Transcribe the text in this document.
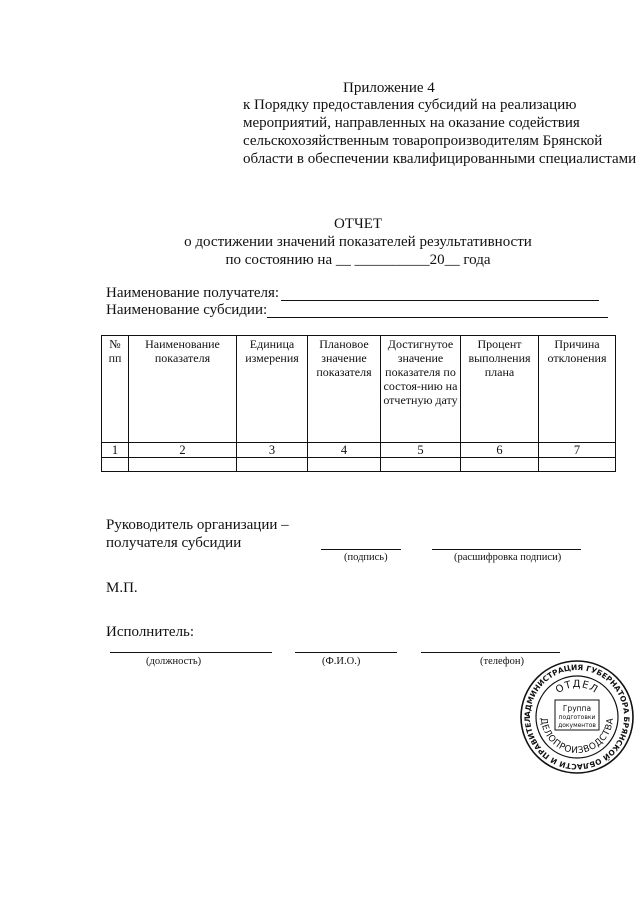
Приложение 4
к Порядку предоставления субсидий на реализацию мероприятий, направленных на оказание содействия сельскохозяйственным товаропроизводителям Брянской области в обеспечении квалифицированными специалистами
ОТЧЕТ
о достижении значений показателей результативности
по состоянию на __ __________20__ года
Наименование получателя:
Наименование субсидии:
№ пп	Наименование показателя	Единица измерения	Плановое значение показателя	Достигнутое значение показателя по состоя-нию на отчетную дату	Процент выполнения плана	Причина отклонения
1	2	3	4	5	6	7

Руководитель организации –
получателя субсидии
(подпись)	(расшифровка подписи)
М.П.
Исполнитель:
(должность)	(Ф.И.О.)	(телефон)
АДМИНИСТРАЦИЯ ГУБЕРНАТОРА БРЯНСКОЙ ОБЛАСТИ И ПРАВИТЕЛ
ОТДЕЛ
ДЕЛОПРОИЗВОДСТВА
Группа
подготовки
документов
